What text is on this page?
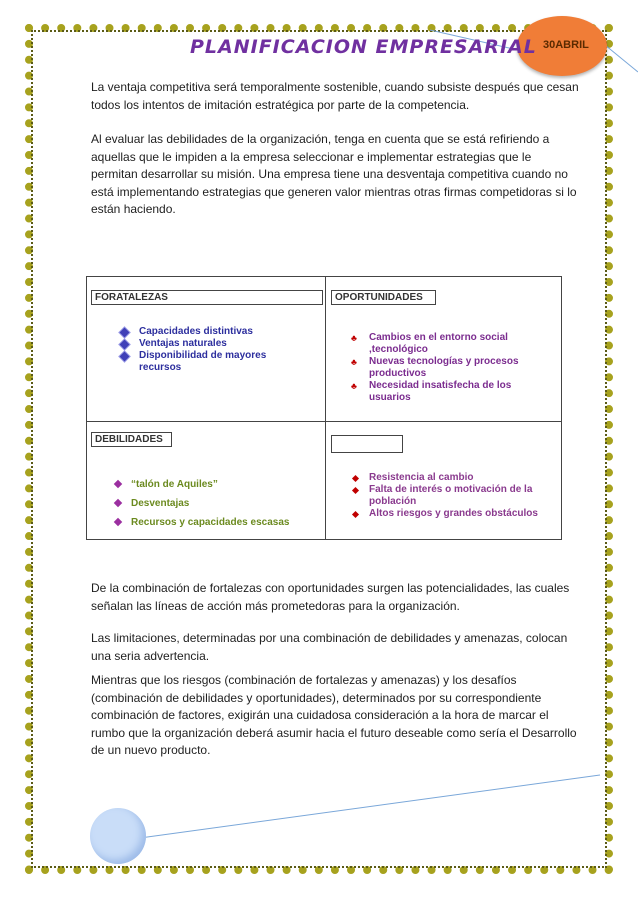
30ABRIL
PLANIFICACION EMPRESARIAL
La ventaja competitiva será temporalmente sostenible, cuando subsiste después que cesan todos los intentos de imitación estratégica por parte de la competencia.
Al evaluar las debilidades de la organización, tenga en cuenta que se está refiriendo a aquellas que le impiden a la empresa seleccionar e implementar estrategias que le permitan desarrollar su misión. Una empresa tiene una desventaja competitiva cuando no está implementando estrategias que generen valor mientras otras firmas competidoras si lo están haciendo.
FORATALEZAS
Capacidades distintivas
Ventajas naturales
Disponibilidad de mayores recursos
OPORTUNIDADES
♣ Cambios en el entorno social ,tecnológico
♣ Nuevas tecnologías y procesos productivos
♣ Necesidad insatisfecha de los usuarios
DEBILIDADES
“talón de Aquiles”
Desventajas
Recursos y capacidades escasas
Resistencia al cambio
Falta de interés o motivación de la población
Altos riesgos y grandes obstáculos
De la combinación de fortalezas con oportunidades surgen las potencialidades, las cuales señalan las líneas de acción más prometedoras para la organización.
Las limitaciones, determinadas por una combinación de debilidades y amenazas, colocan una seria advertencia.
Mientras que los riesgos (combinación de fortalezas y amenazas) y los desafíos (combinación de debilidades y oportunidades), determinados por su correspondiente combinación de factores, exigirán una cuidadosa consideración a la hora de marcar el rumbo que la organización deberá asumir hacia el futuro deseable como sería el Desarrollo de un nuevo producto.
